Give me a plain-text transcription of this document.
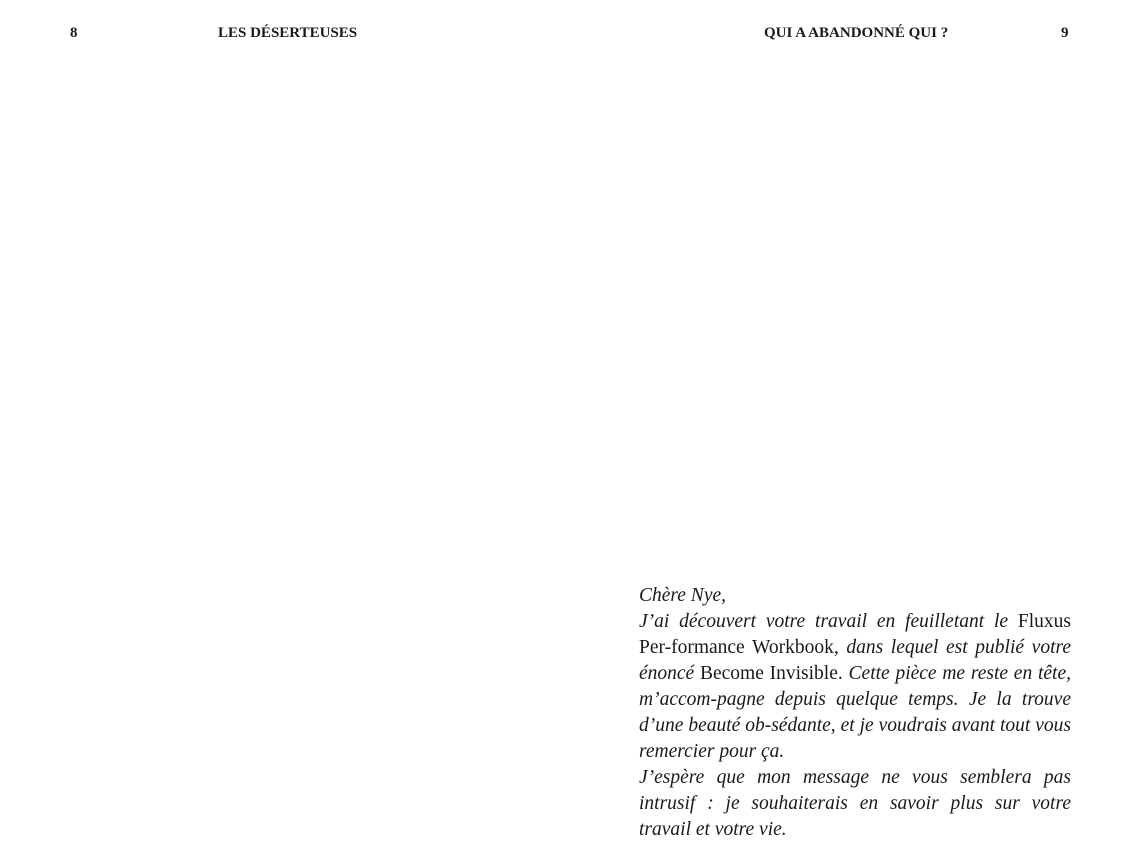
8	LES DÉSERTEUSES	QUI A ABANDONNÉ QUI ?	9

Chère Nye,

J’ai découvert votre travail en feuilletant le Fluxus Per-formance Workbook, dans lequel est publié votre énoncé Become Invisible. Cette pièce me reste en tête, m’accom-pagne depuis quelque temps. Je la trouve d’une beauté ob-sédante, et je voudrais avant tout vous remercier pour ça.

J’espère que mon message ne vous semblera pas intrusif : je souhaiterais en savoir plus sur votre travail et votre vie.
